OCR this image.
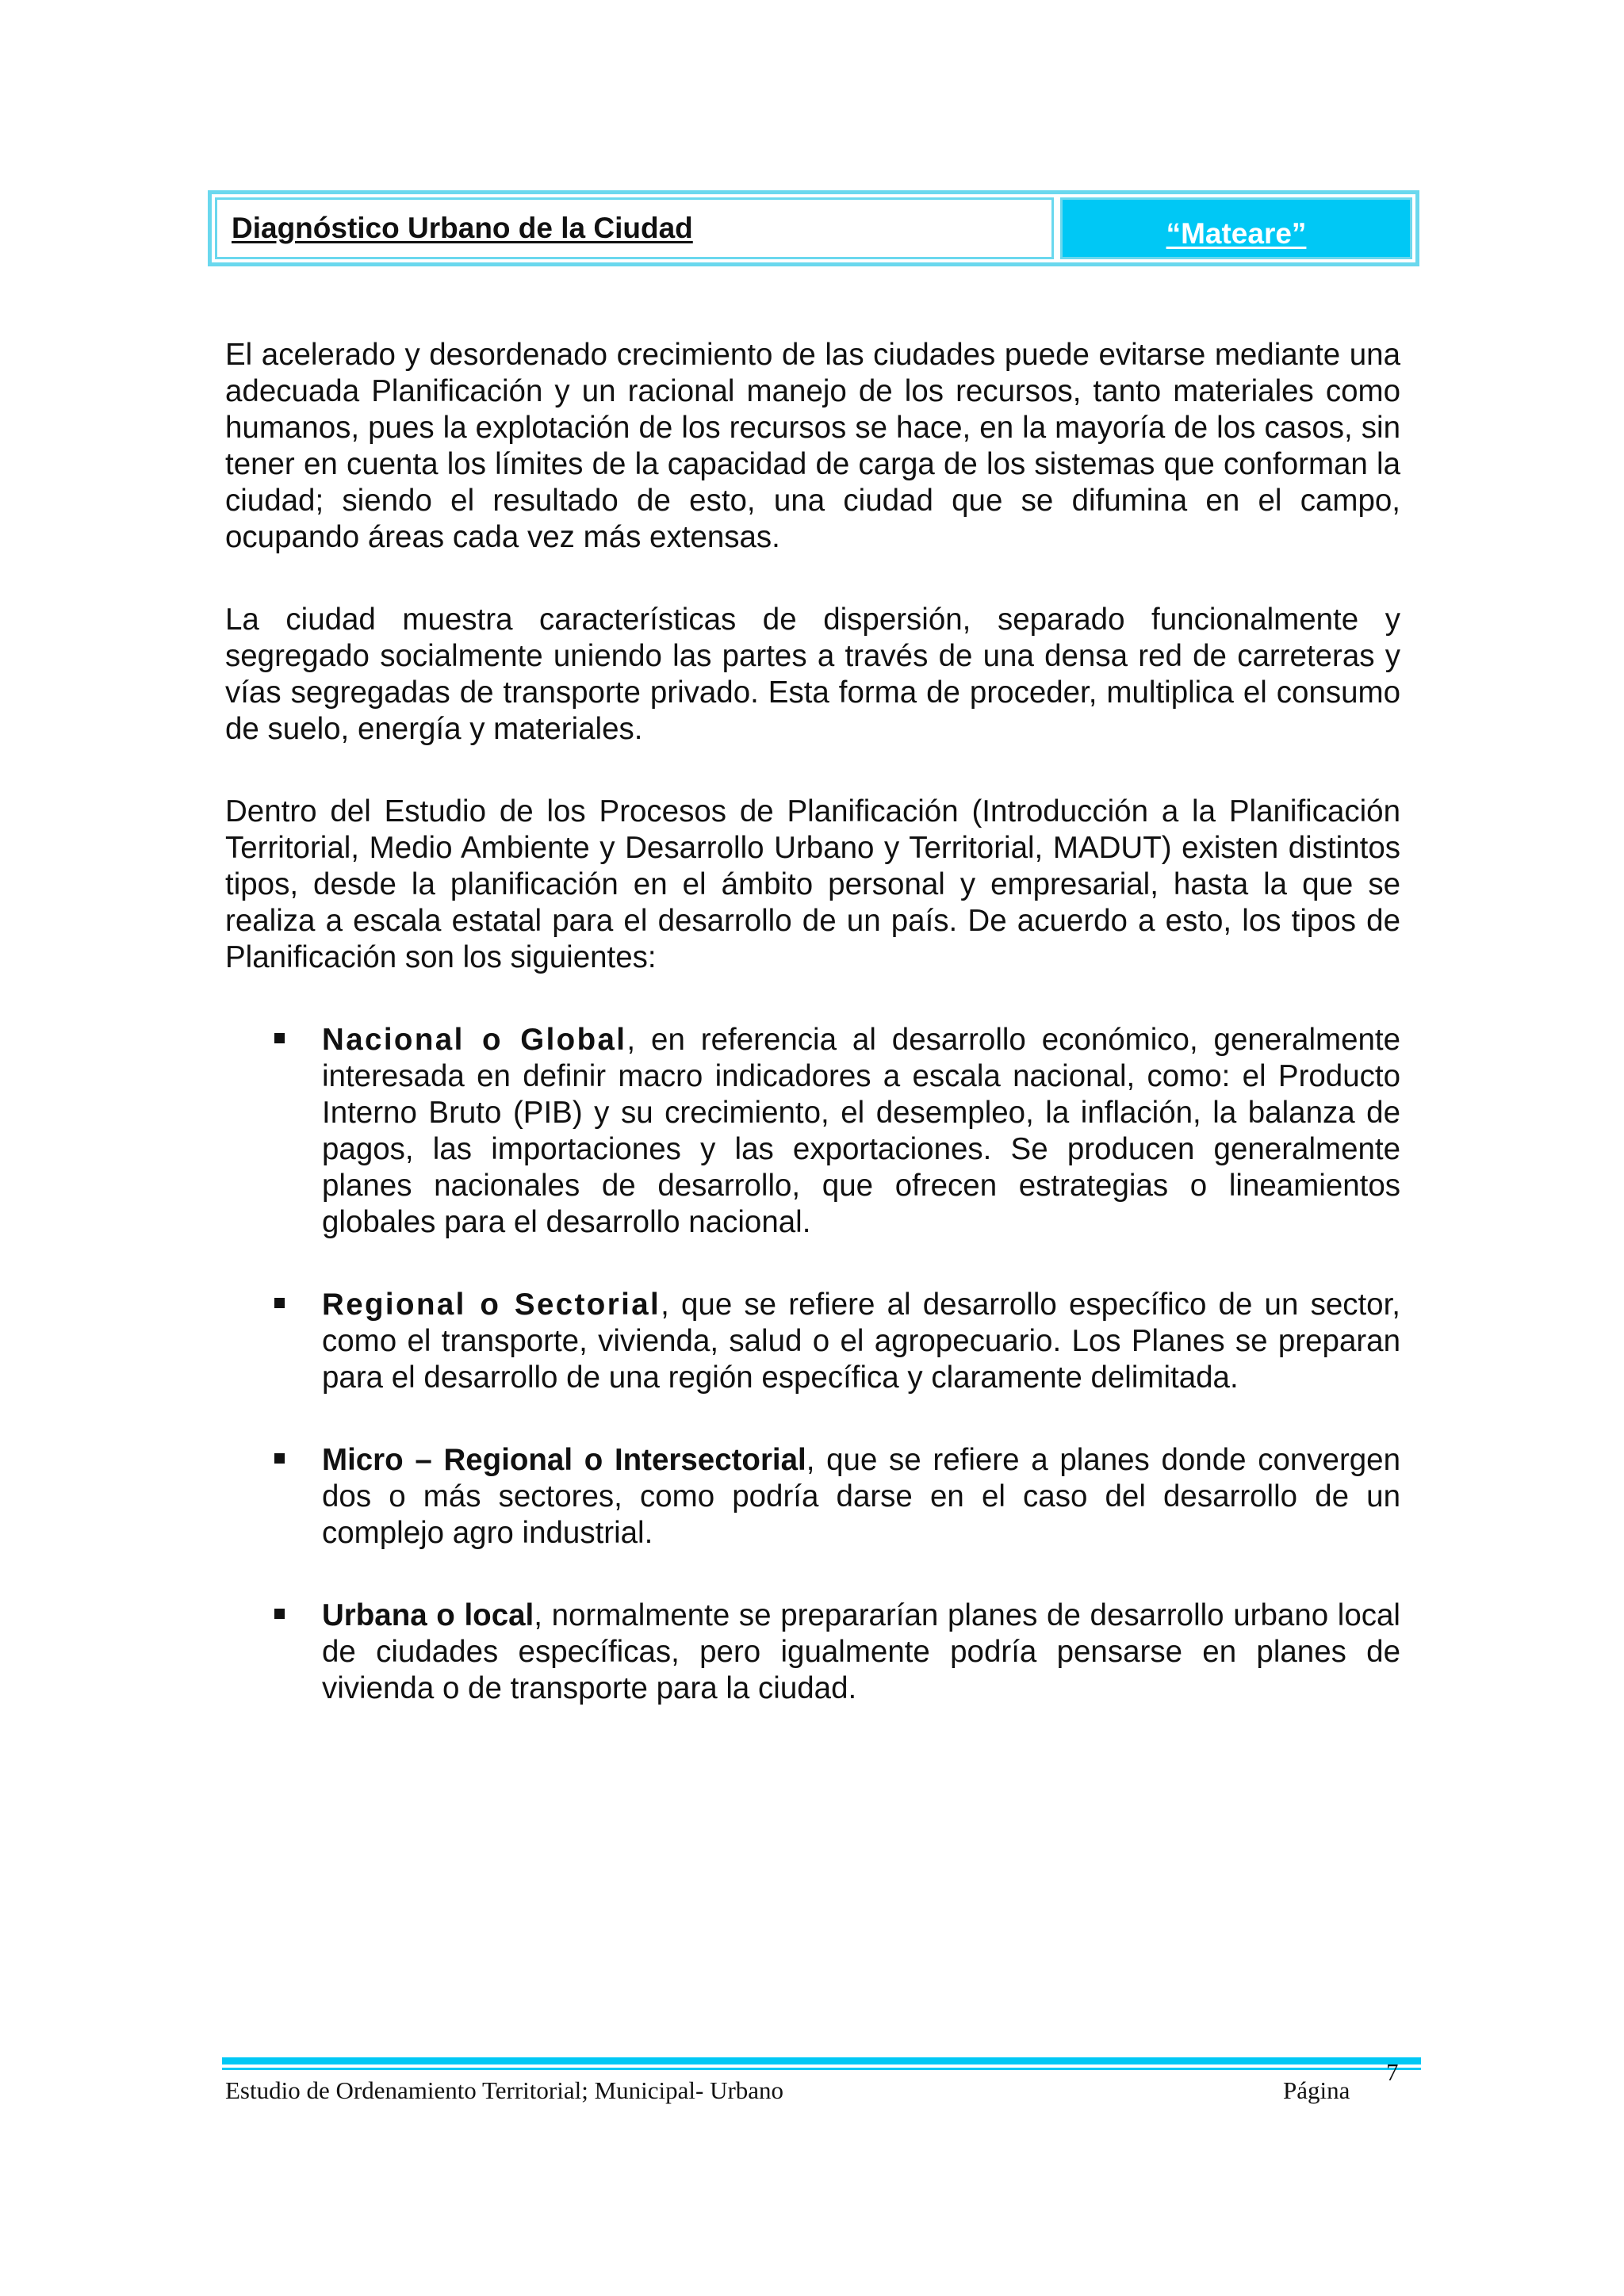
Diagnóstico Urbano de la Ciudad	“Mateare”

El acelerado y desordenado crecimiento de las ciudades puede evitarse mediante una adecuada Planificación y un racional manejo de los recursos, tanto materiales como humanos, pues la explotación de los recursos se hace, en la mayoría de los casos, sin tener en cuenta los límites de la capacidad de carga de los sistemas que conforman la ciudad; siendo el resultado de esto, una ciudad que se difumina en el campo, ocupando áreas cada vez más extensas.

La ciudad muestra características de dispersión, separado funcionalmente y segregado socialmente uniendo las partes a través de una densa red de carreteras y vías segregadas de transporte privado. Esta forma de proceder, multiplica el consumo de suelo, energía y materiales.

Dentro del Estudio de los Procesos de Planificación (Introducción a la Planificación Territorial, Medio Ambiente y Desarrollo Urbano y Territorial, MADUT) existen distintos tipos, desde la planificación en el ámbito personal y empresarial, hasta la que se realiza a escala estatal para el desarrollo de un país. De acuerdo a esto, los tipos de Planificación son los siguientes:

Nacional o Global, en referencia al desarrollo económico, generalmente interesada en definir macro indicadores a escala nacional, como: el Producto Interno Bruto (PIB) y su crecimiento, el desempleo, la inflación, la balanza de pagos, las importaciones y las exportaciones. Se producen generalmente planes nacionales de desarrollo, que ofrecen estrategias o lineamientos globales para el desarrollo nacional.
Regional o Sectorial, que se refiere al desarrollo específico de un sector, como el transporte, vivienda, salud o el agropecuario. Los Planes se preparan para el desarrollo de una región específica y claramente delimitada.
Micro – Regional o Intersectorial, que se refiere a planes donde convergen dos o más sectores, como podría darse en el caso del desarrollo de un complejo agro industrial.
Urbana o local, normalmente se prepararían planes de desarrollo urbano local de ciudades específicas, pero igualmente podría pensarse en planes de vivienda o de transporte para la ciudad.
Estudio de Ordenamiento Territorial; Municipal- Urbano	Página
7
